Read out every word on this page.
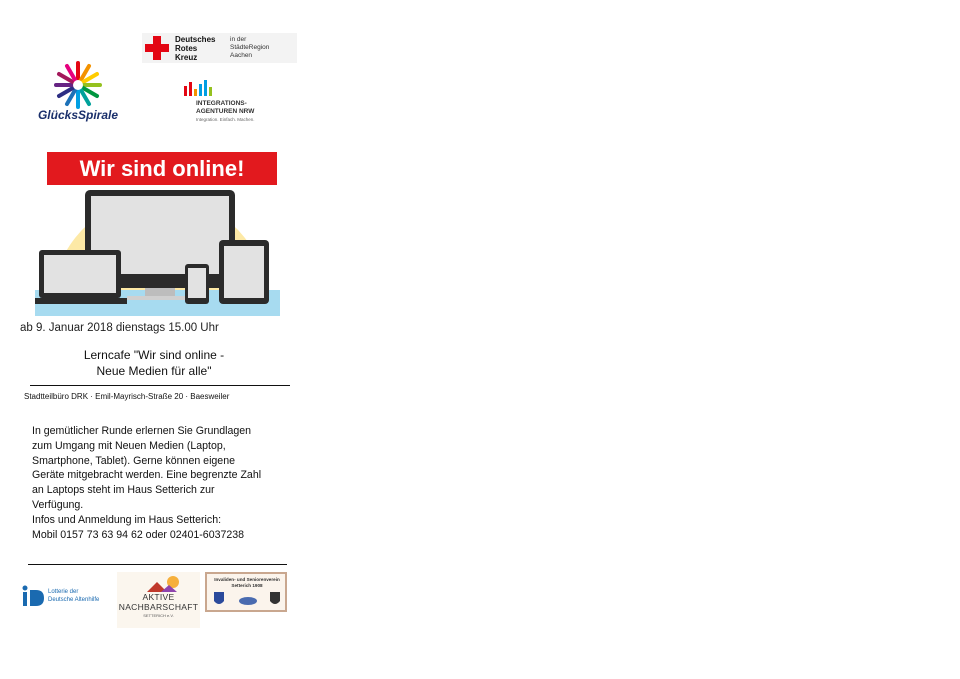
Deutsches
Rotes
Kreuz
in der
StädteRegion
Aachen
GlücksSpirale
INTEGRATIONS-
AGENTUREN NRW
Integration. Einfach. Machen.
Wir sind online!
ab 9. Januar 2018 dienstags 15.00 Uhr
Lerncafe "Wir sind online -
Neue Medien für alle"
Stadtteilbüro DRK · Emil-Mayrisch-Straße 20 · Baesweiler
In gemütlicher Runde erlernen Sie Grundlagen
zum Umgang mit Neuen Medien (Laptop,
Smartphone, Tablet). Gerne können eigene
Geräte mitgebracht werden. Eine begrenzte Zahl
an Laptops steht im Haus Setterich zur
Verfügung.
Infos und Anmeldung im Haus Setterich:
Mobil 0157 73 63 94 62 oder 02401-6037238
Lotterie der
Deutsche Altenhilfe	AKTIVE
NACHBARSCHAFT
SETTERICH e.V.
Invaliden- und Seniorenverein
Setterich 1908
